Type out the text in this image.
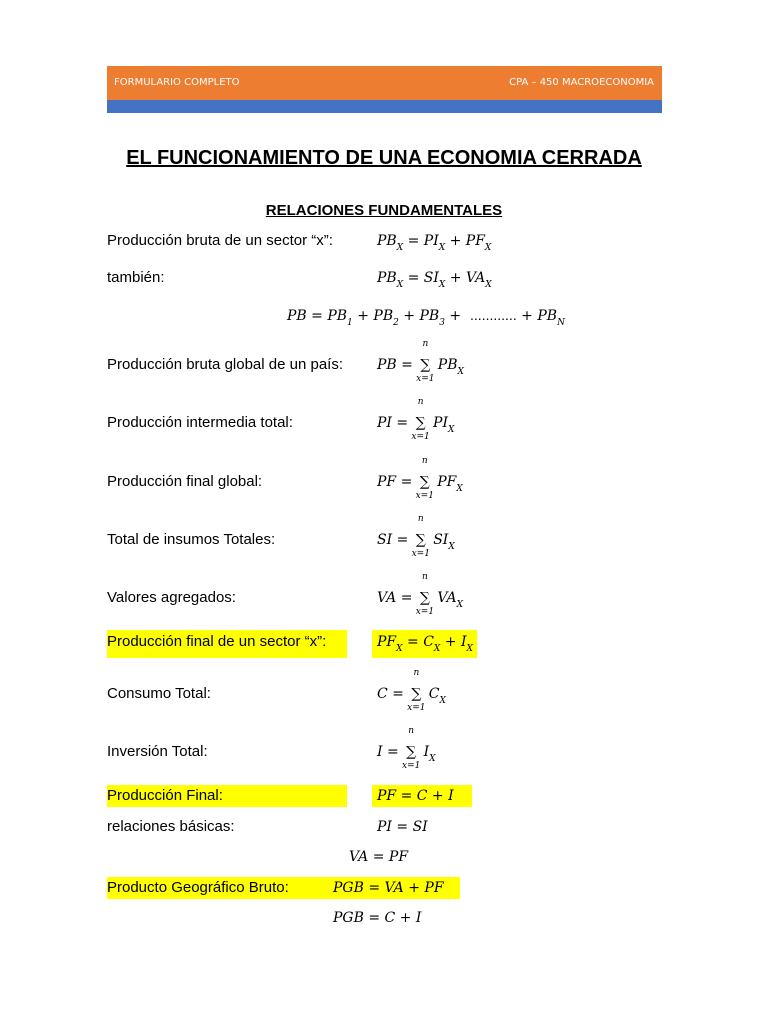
FORMULARIO COMPLETO	CPA – 450 MACROECONOMIA
EL FUNCIONAMIENTO DE UNA ECONOMIA CERRADA
RELACIONES FUNDAMENTALES
Producción bruta de un sector “x”:	$PB_X = PI_X + PF_X$
también:	$PB_X = SI_X + VA_X$
PB = $PB_1 + PB_2 + PB_3$ +  ............ + $PB_N$
Producción bruta global de un país: PB =
n
∑
x=1
$PB_X$
Producción intermedia total:	PI =
n
∑
x=1
$PI_X$
Producción final global:	PF =
n
∑
x=1
$PF_X$
Total de insumos Totales:	SI =
n
∑
x=1
$SI_X$
Valores agregados:	VA =
n
∑
x=1
$VA_X$
Producción final de un sector “x”:	$PF_X = C_X + I_X$
Consumo Total:	C =
n
∑
x=1
$C_X$
Inversión Total:	I =
n
∑
x=1
$I_X$
Producción Final:	PF = C + I
relaciones básicas:	PI = SI
VA = PF
Producto Geográfico Bruto:	PGB = VA + PF
PGB = C + I
